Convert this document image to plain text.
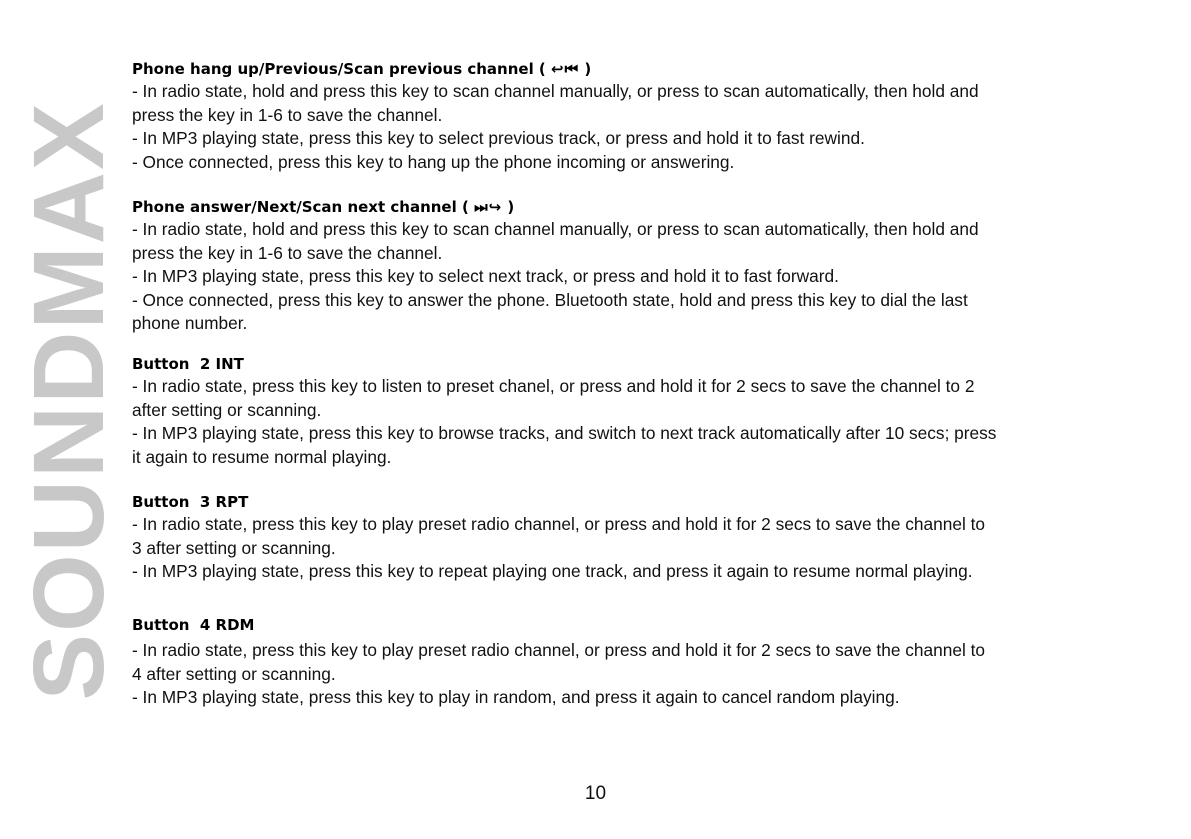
SOUNDMAX
Phone hang up/Previous/Scan previous channel ( ↩⏮ )
- In radio state, hold and press this key to scan channel manually, or press to scan automatically, then hold and
press the key in 1-6 to save the channel.
- In MP3 playing state, press this key to select previous track, or press and hold it to fast rewind.
- Once connected, press this key to hang up the phone incoming or answering.
Phone answer/Next/Scan next channel ( ⏭↪ )
- In radio state, hold and press this key to scan channel manually, or press to scan automatically, then hold and
press the key in 1-6 to save the channel.
- In MP3 playing state, press this key to select next track, or press and hold it to fast forward.
- Once connected, press this key to answer the phone. Bluetooth state, hold and press this key to dial the last
phone number.
Button  2 INT
- In radio state, press this key to listen to preset chanel, or press and hold it for 2 secs to save the channel to 2
after setting or scanning.
- In MP3 playing state, press this key to browse tracks, and switch to next track automatically after 10 secs; press
it again to resume normal playing.
Button  3 RPT
- In radio state, press this key to play preset radio channel, or press and hold it for 2 secs to save the channel to
3 after setting or scanning.
- In MP3 playing state, press this key to repeat playing one track, and press it again to resume normal playing.
Button  4 RDM
- In radio state, press this key to play preset radio channel, or press and hold it for 2 secs to save the channel to
4 after setting or scanning.
- In MP3 playing state, press this key to play in random, and press it again to cancel random playing.
10
